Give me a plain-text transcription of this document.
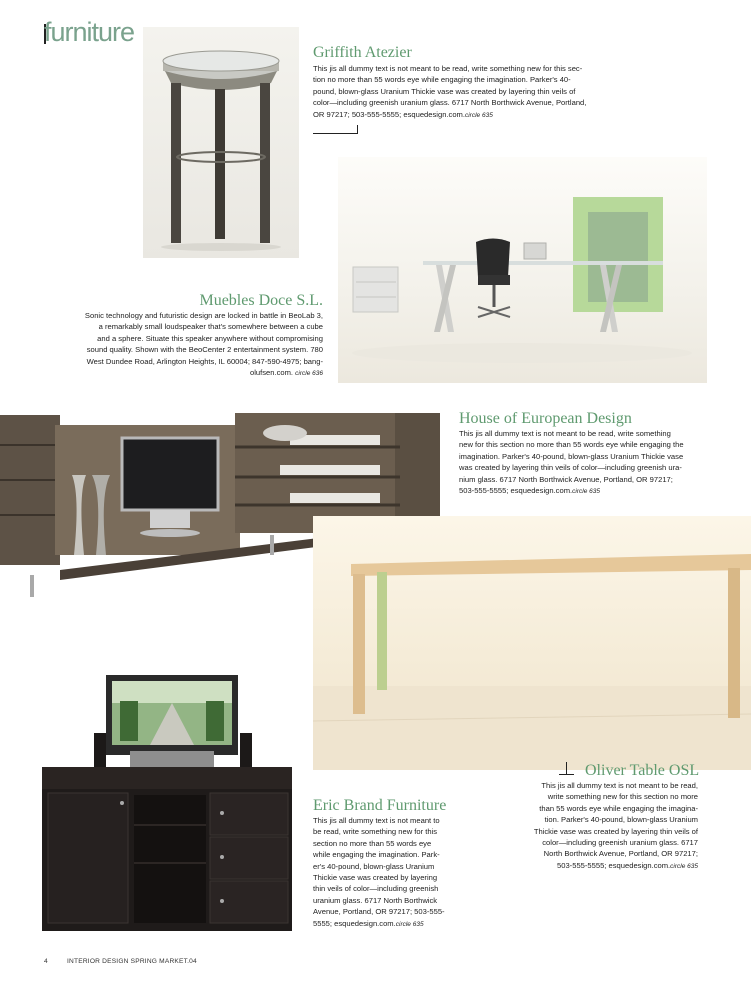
furniture
Griffith Atezier
This jis all dummy text is not meant to be read, write something new for this sec-
tion no more than 55 words eye while engaging the imagination. Parker's 40-
pound, blown-glass Uranium Thickie vase was created by layering thin veils of
color—including greenish uranium glass. 6717 North Borthwick Avenue, Portland,
OR 97217; 503-555-5555; esquedesign.com.circle 635
Muebles Doce S.L.
Sonic technology and futuristic design are locked in battle in BeoLab 3,
a remarkably small loudspeaker that's somewhere between a cube
and a sphere. Situate this speaker anywhere without compromising
sound quality. Shown with the BeoCenter 2 entertainment system. 780
West Dundee Road, Arlington Heights, IL 60004; 847-590-4975; bang-
olufsen.com. circle 636
House of European Design
This jis all dummy text is not meant to be read, write something
new for this section no more than 55 words eye while engaging the
imagination. Parker's 40-pound, blown-glass Uranium Thickie vase
was created by layering thin veils of color—including greenish ura-
nium glass. 6717 North Borthwick Avenue, Portland, OR 97217;
503-555-5555; esquedesign.com.circle 635
Oliver Table OSL
This jis all dummy text is not meant to be read,
write something new for this section no more
than 55 words eye while engaging the imagina-
tion. Parker's 40-pound, blown-glass Uranium
Thickie vase was created by layering thin veils of
color—including greenish uranium glass. 6717
North Borthwick Avenue, Portland, OR 97217;
503-555-5555; esquedesign.com.circle 635
Eric Brand Furniture
This jis all dummy text is not meant to
be read, write something new for this
section no more than 55 words eye
while engaging the imagination. Park-
er's 40-pound, blown-glass Uranium
Thickie vase was created by layering
thin veils of color—including greenish
uranium glass. 6717 North Borthwick
Avenue, Portland, OR 97217; 503-555-
5555; esquedesign.com.circle 635
4	INTERIOR DESIGN SPRING MARKET.04
